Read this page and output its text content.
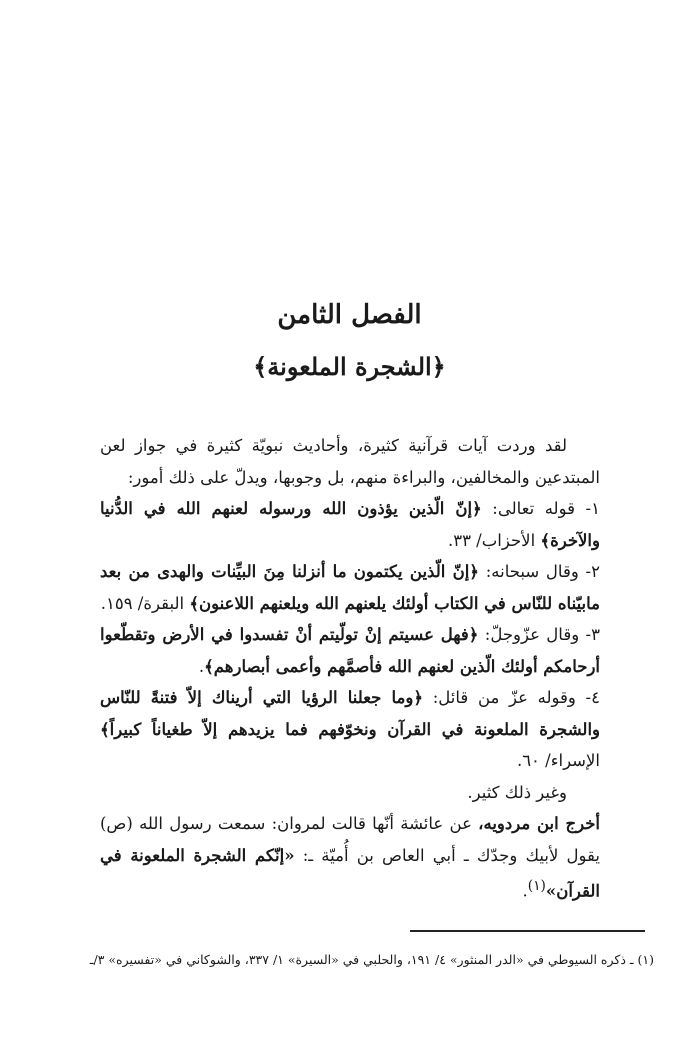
الفصل الثامن
﴿الشجرة الملعونة﴾

لقد وردت آيات قرآنية كثيرة، وأحاديث نبويّة كثيرة في جواز لعن المبتدعين والمخالفين، والبراءة منهم، بل وجوبها، ويدلّ على ذلك أمور:

١- قوله تعالى: ﴿إنّ الّذين يؤذون الله ورسوله لعنهم الله في الدُّنيا والآخرة﴾ الأحزاب/ ٣٣.

٢- وقال سبحانه: ﴿إنّ الّذين يكتمون ما أنزلنا مِنَ البيِّنات والهدى من بعد مابيّناه للنّاس في الكتاب أولئك يلعنهم الله ويلعنهم اللاعنون﴾ البقرة/ ١٥٩.

٣- وقال عزّوجلّ: ﴿فهل عسيتم إنْ تولّيتم أنْ تفسدوا في الأرض وتقطّعوا أرحامكم أولئك الّذين لعنهم الله فأصمَّهم وأعمى أبصارهم﴾.

٤- وقوله عزّ من قائل: ﴿وما جعلنا الرؤيا التي أريناك إلاّ فتنةً للنّاس والشجرة الملعونة في القرآن ونخوّفهم فما يزيدهم إلاّ طغياناً كبيراً﴾ الإسراء/ ٦٠.

وغير ذلك كثير.

أخرج ابن مردويه، عن عائشة أنّها قالت لمروان: سمعت رسول الله (ص) يقول لأبيك وجدّك ـ أبي العاص بن أُميّة ـ: «إنّكم الشجرة الملعونة في القرآن»$^{(١)}$.

(١) ـ ذكره السيوطي في «الدر المنثور» ٤/ ١٩١، والحلبي في «السيرة» ١/ ٣٣٧، والشوكاني في «تفسيره» ٣/ـ
